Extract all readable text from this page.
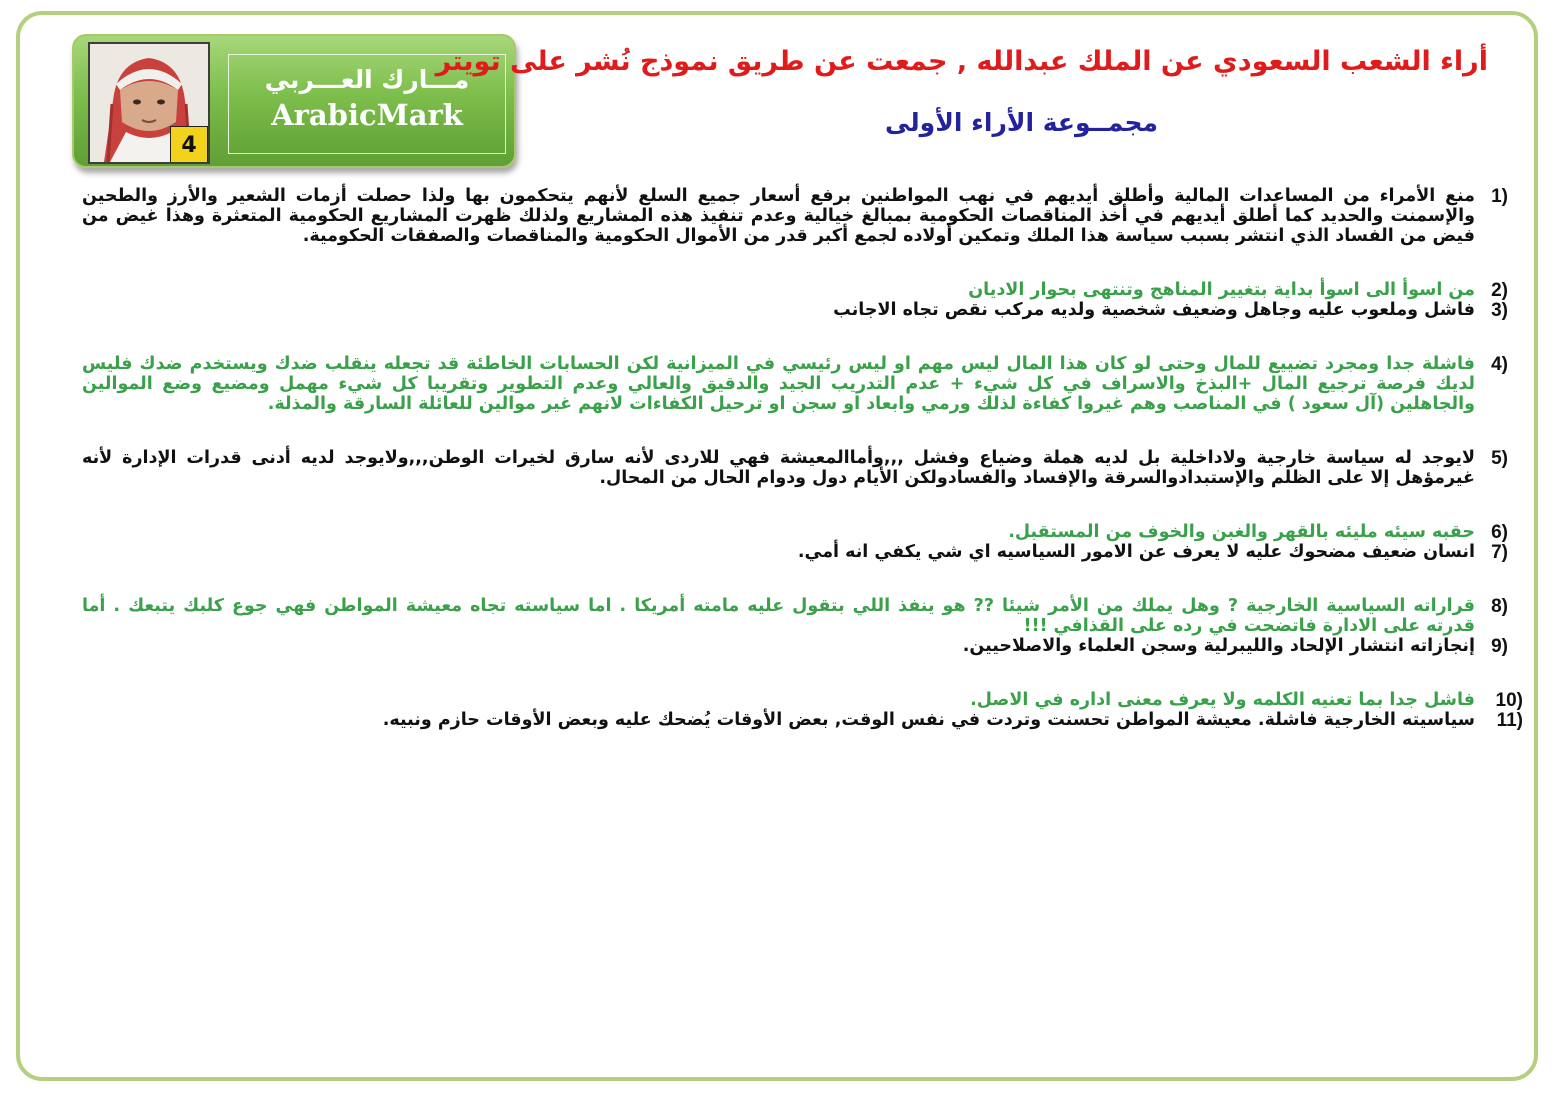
4
مـــارك العـــربي
ArabicMark
أراء الشعب السعودي عن الملك عبدالله , جمعت عن طريق نموذج نُشر على تويتر
مجمــوعة الأراء الأولى
1)
منع الأمراء من المساعدات المالية وأطلق أيديهم في نهب المواطنين برفع أسعار جميع السلع لأنهم يتحكمون بها ولذا حصلت أزمات الشعير والأرز والطحين والإسمنت والحديد كما أطلق أيديهم في أخذ المناقصات الحكومية بمبالغ خيالية وعدم تنفيذ هذه المشاريع ولذلك ظهرت المشاريع الحكومية المتعثرة وهذا غيض من فيض من الفساد الذي انتشر بسبب سياسة هذا الملك وتمكين أولاده لجمع أكبر قدر من الأموال الحكومية والمناقصات والصفقات الحكومية.
2)
من اسوأ الى اسوأ بداية بتغيير المناهج وتنتهى بحوار الاديان
3)
فاشل وملعوب عليه وجاهل وضعيف شخصية ولديه مركب نقص تجاه الاجانب
4)
فاشلة جدا ومجرد تضييع للمال وحتى لو كان هذا المال ليس مهم او ليس رئيسي في الميزانية لكن الحسابات الخاطئة قد تجعله ينقلب ضدك ويستخدم ضدك فليس لديك فرصة ترجيع المال +البذخ والاسراف في كل شيء + عدم التدريب الجيد والدقيق والعالي وعدم التطوير وتقريبا كل شيء مهمل ومضيع وضع الموالين والجاهلين (آل سعود ) في المناصب وهم غيروا كفاءة لذلك ورمي وابعاد او سجن او ترحيل الكفاءات لانهم غير موالين للعائلة السارقة والمذلة.
5)
لايوجد له سياسة خارجية ولاداخلية بل لديه هملة وضياع وفشل ,,,وأماالمعيشة فهي للاردى لأنه سارق لخيرات الوطن,,,ولايوجد لديه أدنى قدرات الإدارة لأنه غيرمؤهل إلا على الظلم والإستبدادوالسرقة والإفساد والفسادولكن الأيام دول ودوام الحال من المحال.
6)
حقبه سيئه مليئه بالقهر والغبن والخوف من المستقبل.
7)
انسان ضعيف مضحوك عليه لا يعرف عن الامور السياسيه اي شي يكفي انه أمي.
8)
قراراته السياسية الخارجية ? وهل يملك من الأمر شيئا ?? هو ينفذ اللي بتقول عليه مامته أمريكا . اما سياسته تجاه معيشة المواطن فهي جوع كلبك يتبعك . أما قدرته على الادارة فاتضحت في رده على القذافي !!!
9)
إنجازاته انتشار الإلحاد والليبرلية وسجن العلماء والاصلاحيين.
10)
فاشل جدا بما تعنيه الكلمه ولا يعرف معنى اداره في الاصل.
11)
سياسيته الخارجية فاشلة. معيشة المواطن تحسنت وتردت في نفس الوقت, بعض الأوقات يُضحك عليه وبعض الأوقات حازم ونبيه.
